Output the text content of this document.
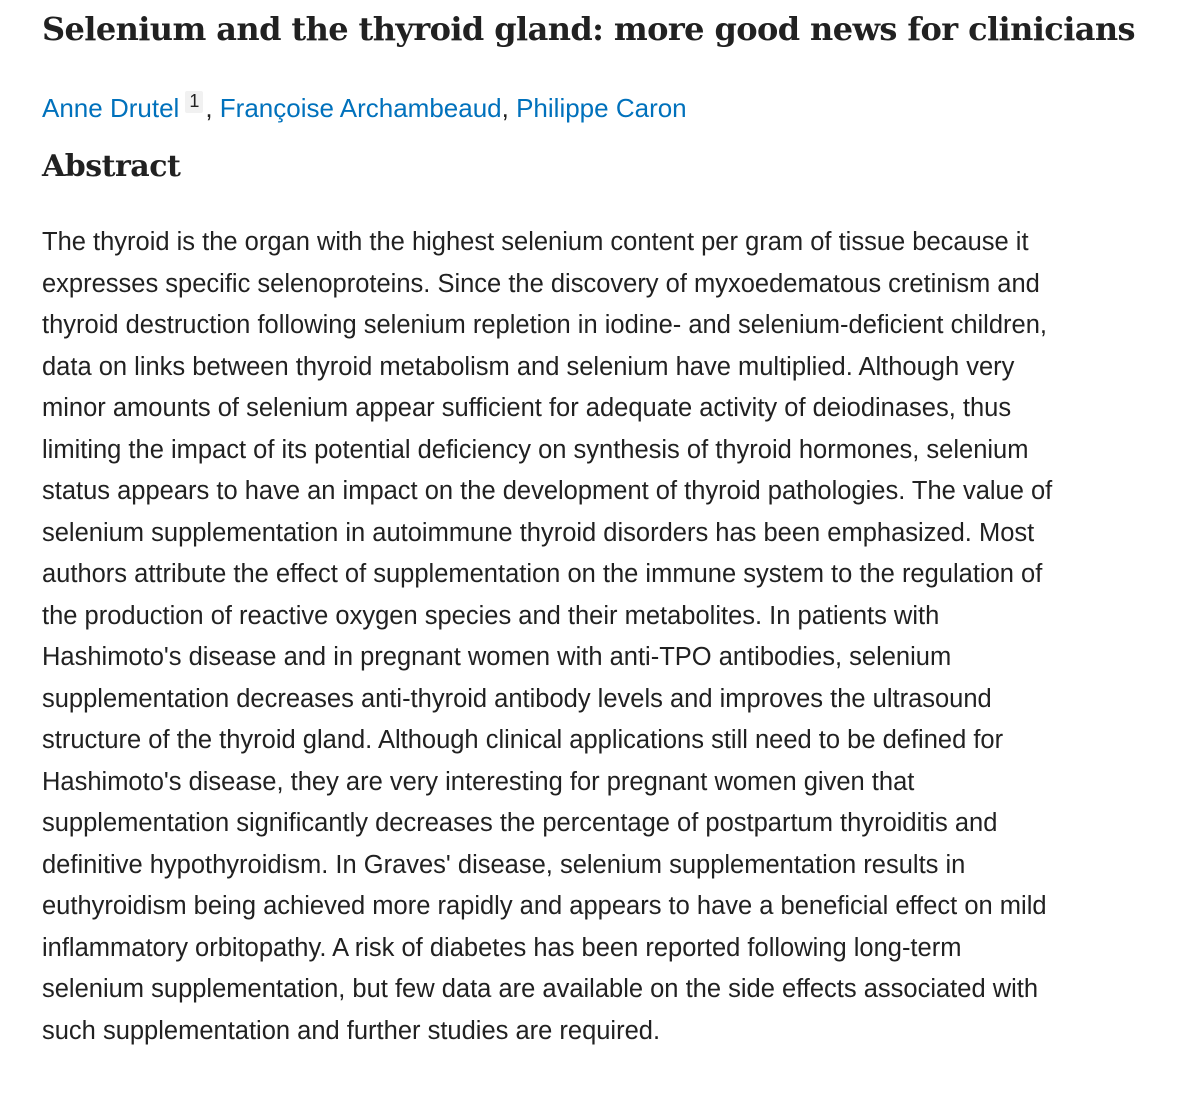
Selenium and the thyroid gland: more good news for clinicians
Anne Drutel 1 , Françoise Archambeaud, Philippe Caron
Abstract

The thyroid is the organ with the highest selenium content per gram of tissue because it
expresses specific selenoproteins. Since the discovery of myxoedematous cretinism and
thyroid destruction following selenium repletion in iodine- and selenium-deficient children,
data on links between thyroid metabolism and selenium have multiplied. Although very
minor amounts of selenium appear sufficient for adequate activity of deiodinases, thus
limiting the impact of its potential deficiency on synthesis of thyroid hormones, selenium
status appears to have an impact on the development of thyroid pathologies. The value of
selenium supplementation in autoimmune thyroid disorders has been emphasized. Most
authors attribute the effect of supplementation on the immune system to the regulation of
the production of reactive oxygen species and their metabolites. In patients with
Hashimoto's disease and in pregnant women with anti-TPO antibodies, selenium
supplementation decreases anti-thyroid antibody levels and improves the ultrasound
structure of the thyroid gland. Although clinical applications still need to be defined for
Hashimoto's disease, they are very interesting for pregnant women given that
supplementation significantly decreases the percentage of postpartum thyroiditis and
definitive hypothyroidism. In Graves' disease, selenium supplementation results in
euthyroidism being achieved more rapidly and appears to have a beneficial effect on mild
inflammatory orbitopathy. A risk of diabetes has been reported following long-term
selenium supplementation, but few data are available on the side effects associated with
such supplementation and further studies are required.
